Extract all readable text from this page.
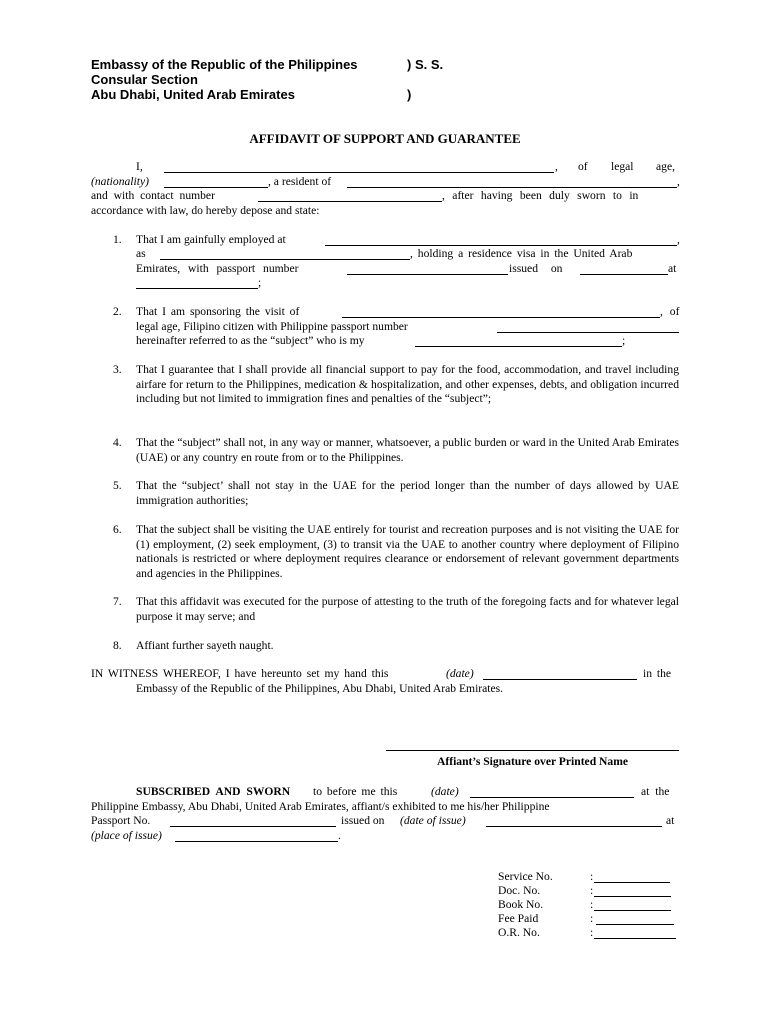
Embassy of the Republic of the Philippines	) S. S.
Consular Section
Abu Dhabi, United Arab Emirates	)
AFFIDAVIT OF SUPPORT AND GUARANTEE
I,	, of legal age,
(nationality)	, a resident of	,
and with contact number	, after having been duly sworn to in
accordance with law, do hereby depose and state:
1. That I am gainfully employed at	,
as	, holding a residence visa in the United Arab
Emirates, with passport number	issued on	at
;
2. That I am sponsoring the visit of	, of
legal age, Filipino citizen with Philippine passport number
hereinafter referred to as the “subject” who is my	;
3. That I guarantee that I shall provide all financial support to pay for the food, accommodation, and travel including airfare for return to the Philippines, medication & hospitalization, and other expenses, debts, and obligation incurred including but not limited to immigration fines and penalties of the “subject”;
4. That the “subject” shall not, in any way or manner, whatsoever, a public burden or ward in the United Arab Emirates (UAE) or any country en route from or to the Philippines.
5. That the “subject’ shall not stay in the UAE for the period longer than the number of days allowed by UAE immigration authorities;
6. That the subject shall be visiting the UAE entirely for tourist and recreation purposes and is not visiting the UAE for (1) employment, (2) seek employment, (3) to transit via the UAE to another country where deployment of Filipino nationals is restricted or where deployment requires clearance or endorsement of relevant government departments and agencies in the Philippines.
7. That this affidavit was executed for the purpose of attesting to the truth of the foregoing facts and for whatever legal purpose it may serve; and
8. Affiant further sayeth naught.
IN WITNESS WHEREOF, I have hereunto set my hand this	(date)	in the
Embassy of the Republic of the Philippines, Abu Dhabi, United Arab Emirates.
Affiant’s Signature over Printed Name
SUBSCRIBED AND SWORN to before me this	(date)	at the
Philippine Embassy, Abu Dhabi, United Arab Emirates, affiant/s exhibited to me his/her Philippine
Passport No.	issued on (date of issue)	at
(place of issue)	.
Service No.	:
Doc. No.	:
Book No.	:
Fee Paid	:
O.R. No.	:
